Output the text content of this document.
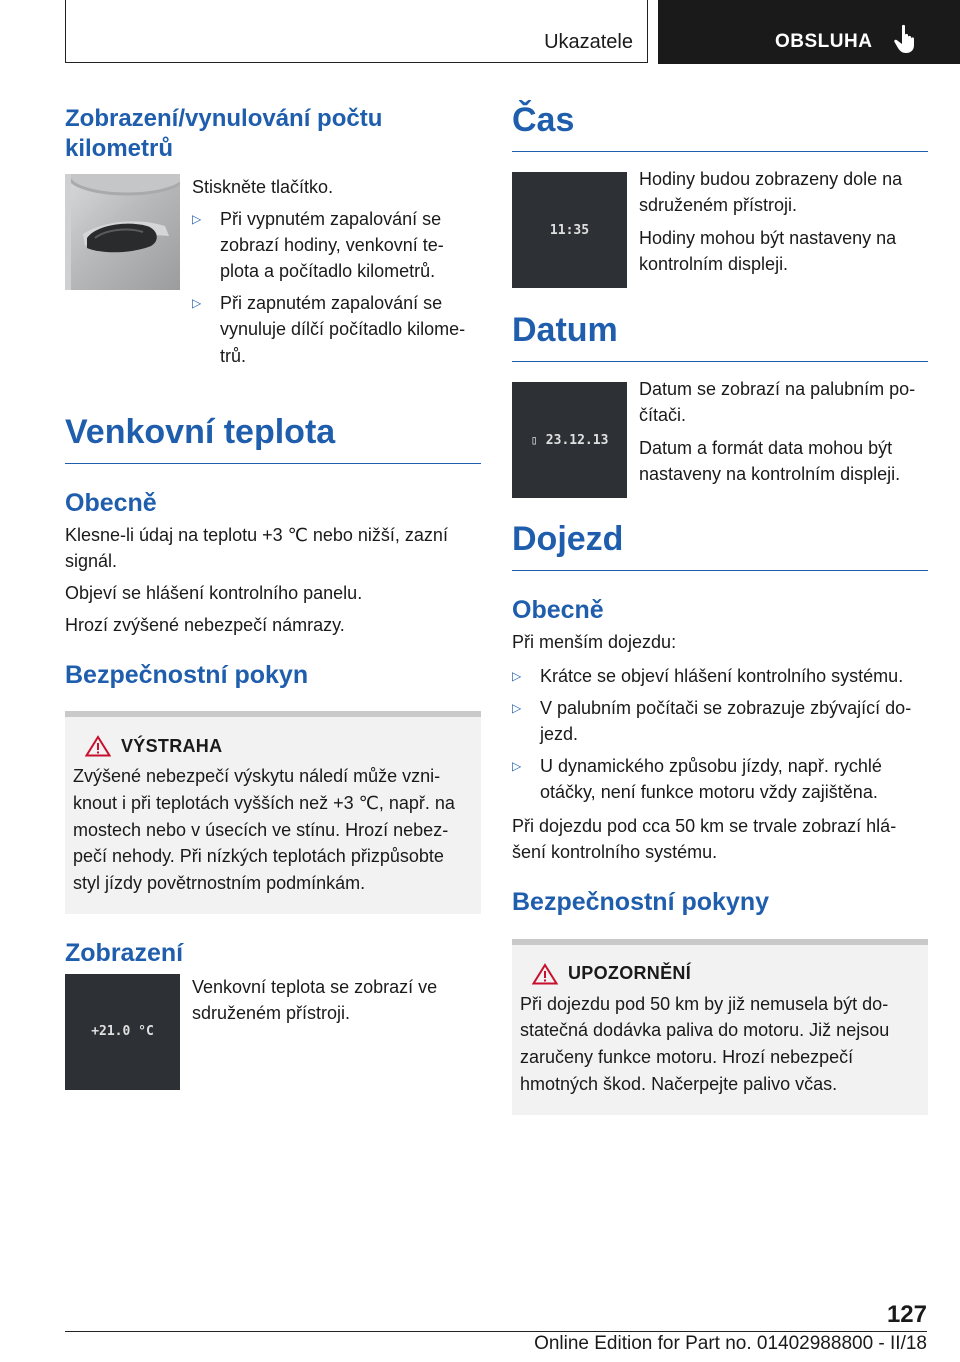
Ukazatele	OBSLUHA
Zobrazení/vynulování počtu kilometrů

Stiskněte tlačítko.

▷	Při vypnutém zapalování se zobrazí hodiny, venkovní te-plota a počítadlo kilometrů.
▷	Při zapnutém zapalování se vynuluje dílčí počítadlo kilome-trů.
Venkovní teplota
Obecně

Klesne-li údaj na teplotu +3 ℃ nebo nižší, zazní signál.

Objeví se hlášení kontrolního panelu.

Hrozí zvýšené nebezpečí námrazy.

Bezpečnostní pokyn
VÝSTRAHA

Zvýšené nebezpečí výskytu náledí může vzni-knout i při teplotách vyšších než +3 ℃, např. na mostech nebo v úsecích ve stínu. Hrozí nebez-pečí nehody. Při nízkých teplotách přizpůsobte styl jízdy povětrnostním podmínkám.

Zobrazení
+21.0 °C

Venkovní teplota se zobrazí ve sdruženém přístroji.

Čas
11:35

Hodiny budou zobrazeny dole na sdruženém přístroji.

Hodiny mohou být nastaveny na kontrolním displeji.

Datum
▯ 23.12.13

Datum se zobrazí na palubním po-čítači.

Datum a formát data mohou být nastaveny na kontrolním displeji.

Dojezd
Obecně

Při menším dojezdu:

▷	Krátce se objeví hlášení kontrolního systému.
▷	V palubním počítači se zobrazuje zbývající do-jezd.
▷	U dynamického způsobu jízdy, např. rychlé otáčky, není funkce motoru vždy zajištěna.

Při dojezdu pod cca 50 km se trvale zobrazí hlá-šení kontrolního systému.

Bezpečnostní pokyny
UPOZORNĚNÍ

Při dojezdu pod 50 km by již nemusela být do-statečná dodávka paliva do motoru. Již nejsou zaručeny funkce motoru. Hrozí nebezpečí hmotných škod. Načerpejte palivo včas.

127
Online Edition for Part no. 01402988800 - II/18
